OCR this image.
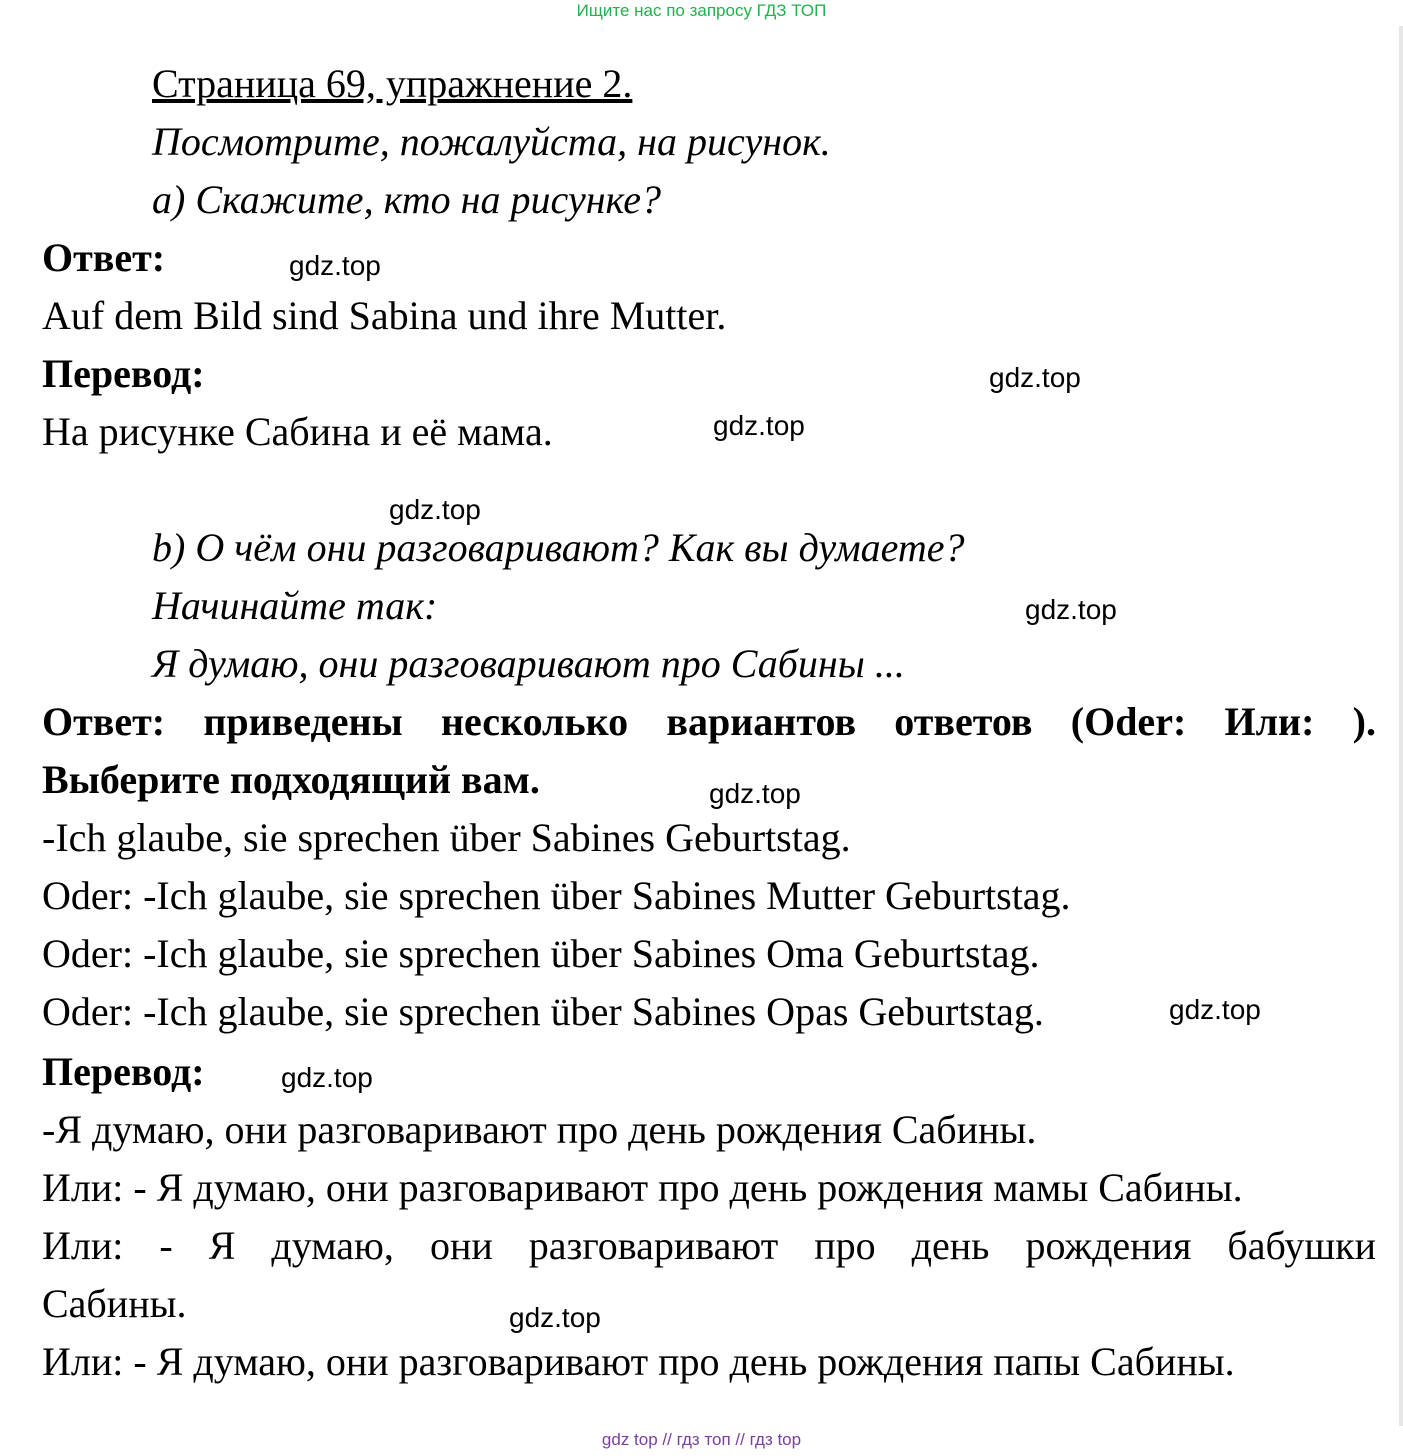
Ищите нас по запросу ГДЗ ТОП
Страница 69, упражнение 2.
Посмотрите, пожалуйста, на рисунок.
а) Скажите, кто на рисунке?
Ответ:
Auf dem Bild sind Sabina und ihre Mutter.
Перевод:
На рисунке Сабина и её мама.
b) О чём они разговаривают? Как вы думаете?
Начинайте так:
Я думаю, они разговаривают про Сабины ...
Ответ: приведены несколько вариантов ответов (Oder: Или: ).
Выберите подходящий вам.
-Ich glaube, sie sprechen über Sabines Geburtstag.
Oder: -Ich glaube, sie sprechen über Sabines Mutter Geburtstag.
Oder: -Ich glaube, sie sprechen über Sabines Oma Geburtstag.
Oder: -Ich glaube, sie sprechen über Sabines Opas Geburtstag.
Перевод:
-Я думаю, они разговаривают про день рождения Сабины.
Или: - Я думаю, они разговаривают про день рождения мамы Сабины.
Или: - Я думаю, они разговаривают про день рождения бабушки
Сабины.
Или: - Я думаю, они разговаривают про день рождения папы Сабины.
gdz.top
gdz.top
gdz.top
gdz.top
gdz.top
gdz.top
gdz.top
gdz.top
gdz.top
gdz top // гдз топ // гдз top
